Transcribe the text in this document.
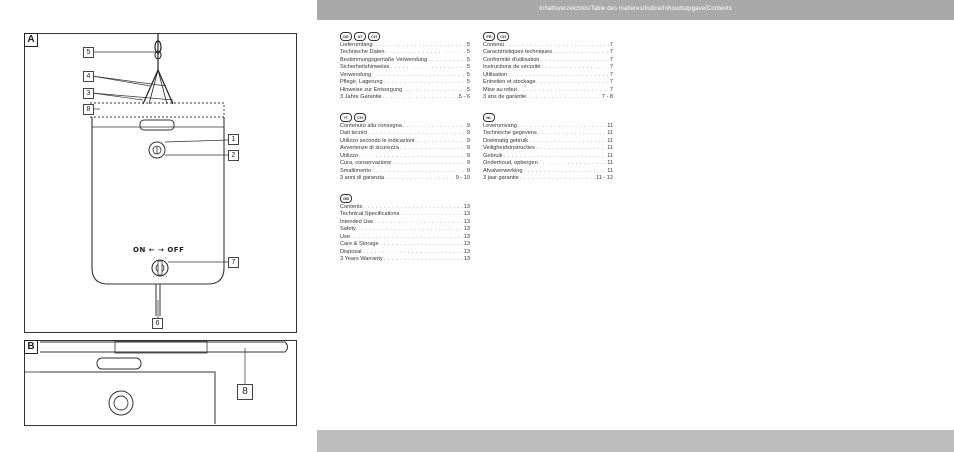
A
B
ON ← → OFF
5
4
3
8
1
2
7
6
8
Inhaltsverzeichnis/Table des matieres/Indice/Inhoudsopgave/Contents
DE	AT	CH
Lieferumfang . . .	5
Technische Daten . . .	5
Bestimmungsgemäße Verwendung . . .	5
Sicherheitshinweise . . .	5
Verwendung . . .	5
Pflege, Lagerung . . .	5
Hinweise zur Entsorgung . . .	5
3 Jahre Garantie . . .	5 - 6
IT	CH
Contenuto alla consegna . . .	9
Dati tecnici . . .	9
Utilizzo secondo le indicazioni . . .	9
Avvertenze di sicurezza . . .	9
Utilizzo . . .	9
Cura, conservazione . . .	9
Smaltimento . . .	9
3 anni di garanzia . . .	9 - 10
GB
Contents . . .	13
Technical Specifications . . .	13
Intended Use . . .	13
Safety . . .	13
Use . . .	13
Care & Storage . . .	13
Disposal . . .	13
3 Years Warranty . . .	13
FR	CH
Contenu . . .	7
Caractéristiques techniques . . .	7
Conformité d'utilisation . . .	7
Instructions de sécurité . . .	7
Utilisation . . .	7
Entretien et stockage . . .	7
Mise au rebut . . .	7
3 ans de garantie . . .	7 - 8
NL
Leveromvang . . .	11
Technische gegevens . . .	11
Doelmatig gebruik . . .	11
Veiligheidsinstructies . . .	11
Gebruik . . .	11
Onderhoud, opbergen . . .	11
Afvalverwerking . . .	11
3 jaar garantie . . .	11 - 12
